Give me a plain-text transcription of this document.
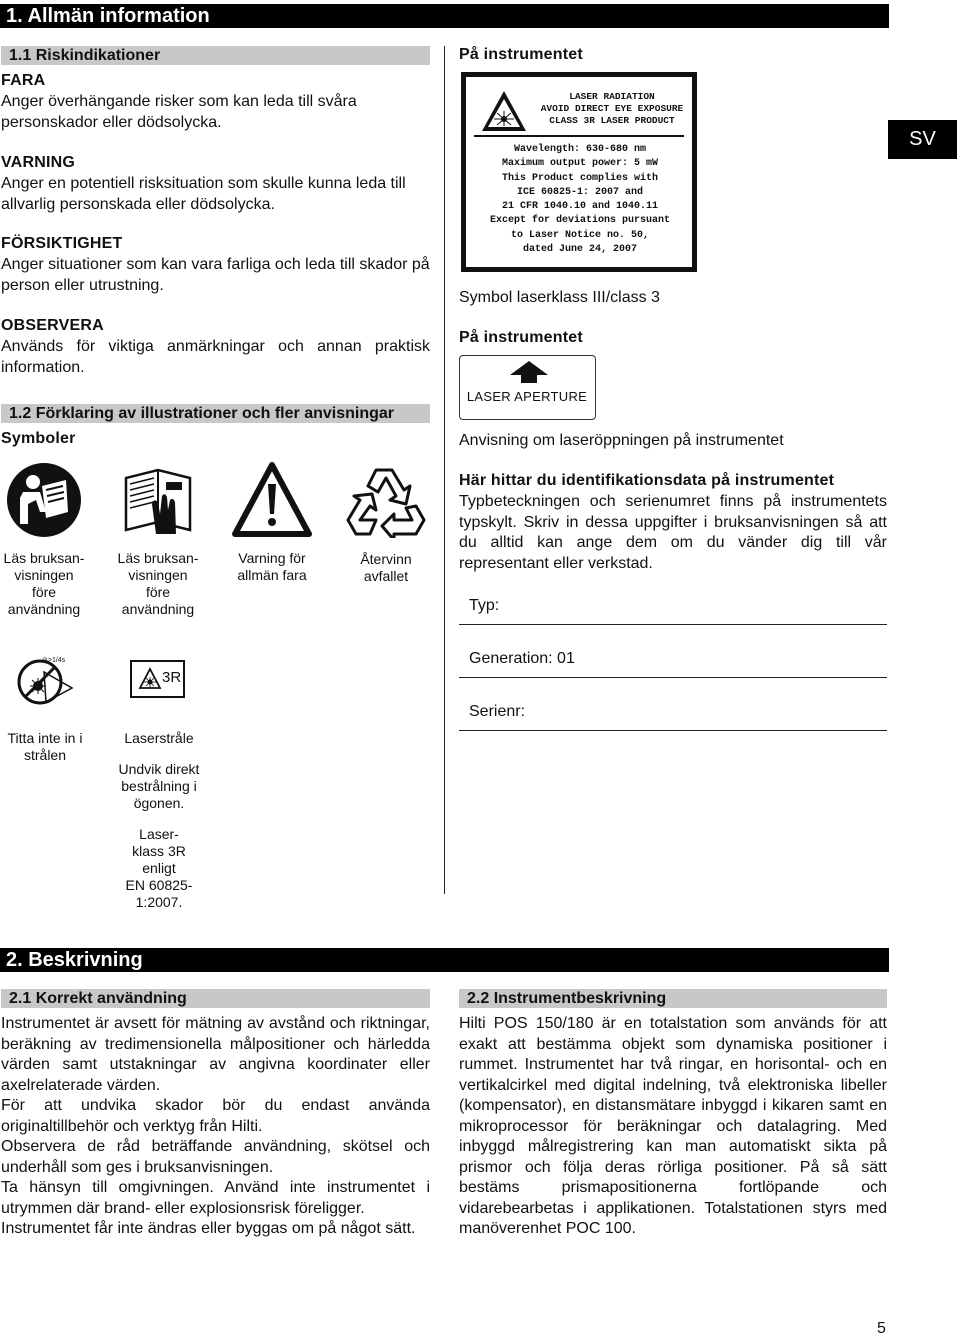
1. Allmän information
SV
1.1 Riskindikationer
FARA
Anger överhängande risker som kan leda till svåra personskador eller dödsolycka.
VARNING
Anger en potentiell risksituation som skulle kunna leda till allvarlig personskada eller dödsolycka.
FÖRSIKTIGHET
Anger situationer som kan vara farliga och leda till skador på person eller utrustning.
OBSERVERA
Används för viktiga anmärkningar och annan praktisk information.
1.2 Förklaring av illustrationer och fler anvisningar
Symboler
Läs bruksan-
visningen
före
användning
Läs bruksan-
visningen
före
användning
Varning för
allmän fara
Återvinn
avfallet
⊘>1/4s
3R
Titta inte in i
strålen
Laserstråle
Undvik direkt
bestrålning i
ögonen.
Laser-
klass 3R
enligt
EN 60825-1:2007.
På instrumentet
LASER RADIATION
AVOID DIRECT EYE EXPOSURE
CLASS 3R LASER PRODUCT
Wavelength: 630-680 nm
Maximum output power: 5 mW
This Product complies with
ICE 60825-1: 2007 and
21 CFR 1040.10 and 1040.11
Except for deviations pursuant
to Laser Notice no. 50,
dated June 24, 2007
Symbol laserklass III/class 3
På instrumentet
LASER APERTURE
Anvisning om laseröppningen på instrumentet
Här hittar du identifikationsdata på instrumentet
Typbeteckningen och serienumret finns på instrumentets typskylt. Skriv in dessa uppgifter i bruksanvisningen så att du alltid kan ange dem om du vänder dig till vår representant eller verkstad.
Typ:
Generation: 01
Serienr:
2. Beskrivning
2.1 Korrekt användning
Instrumentet är avsett för mätning av avstånd och riktningar, beräkning av tredimensionella målpositioner och härledda värden samt utstakningar av angivna koordinater eller axelrelaterade värden.
För att undvika skador bör du endast använda originaltillbehör och verktyg från Hilti.
Observera de råd beträffande användning, skötsel och underhåll som ges i bruksanvisningen.
Ta hänsyn till omgivningen. Använd inte instrumentet i utrymmen där brand- eller explosionsrisk föreligger.
Instrumentet får inte ändras eller byggas om på något sätt.
2.2 Instrumentbeskrivning
Hilti POS 150/180 är en totalstation som används för att exakt att bestämma objekt som dynamiska positioner i rummet. Instrumentet har två ringar, en horisontal- och en vertikalcirkel med digital indelning, två elektroniska libeller (kompensator), en distansmätare inbyggd i kikaren samt en mikroprocessor för beräkningar och datalagring. Med inbyggd målregistrering kan man automatiskt sikta på prismor och följa deras rörliga positioner. På så sätt bestäms prismapositionerna fortlöpande och vidarebearbetas i applikationen. Totalstationen styrs med manöverenhet POC 100.
5
